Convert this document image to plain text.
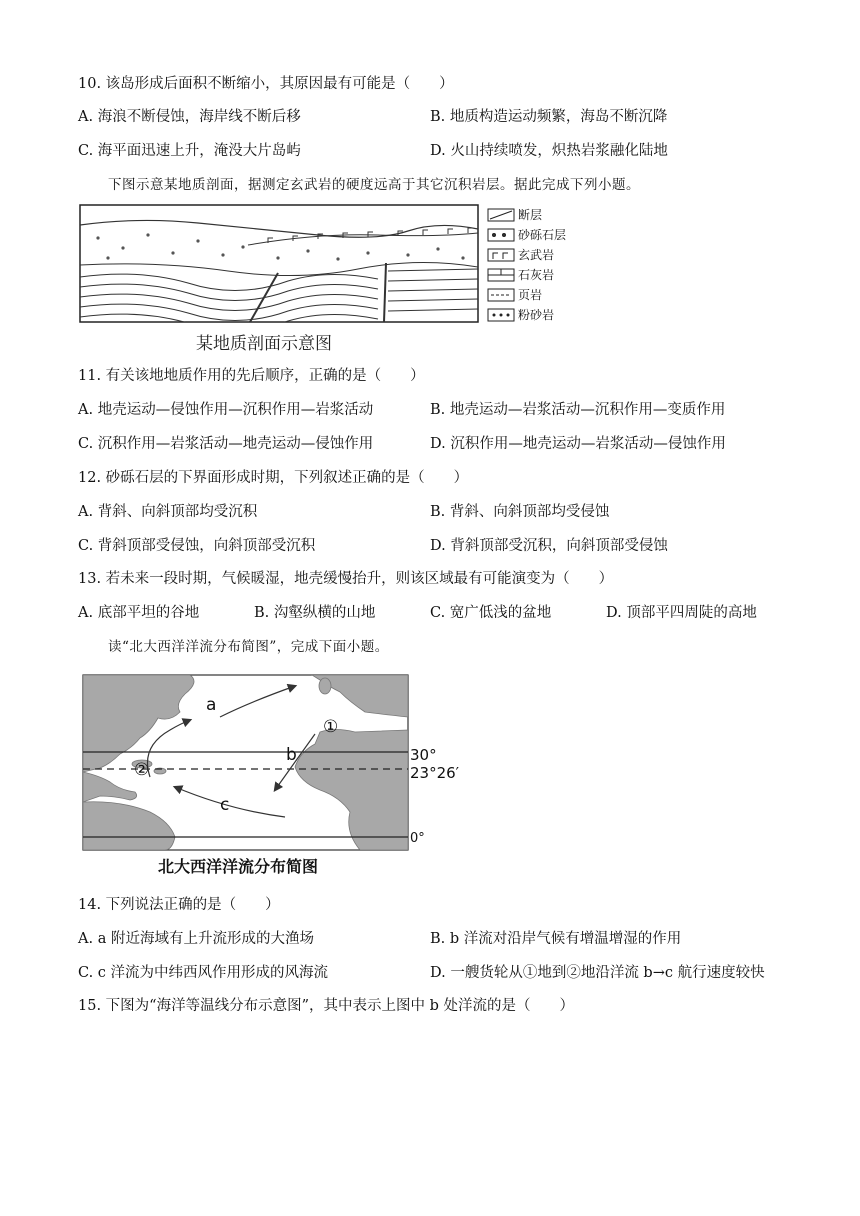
10. 该岛形成后面积不断缩小，其原因最有可能是（　　）
A. 海浪不断侵蚀，海岸线不断后移	B. 地质构造运动频繁，海岛不断沉降
C. 海平面迅速上升，淹没大片岛屿	D. 火山持续喷发，炽热岩浆融化陆地
下图示意某地质剖面，据测定玄武岩的硬度远高于其它沉积岩层。据此完成下列小题。
断层
砂砾石层
玄武岩
石灰岩
页岩
粉砂岩
某地质剖面示意图
11. 有关该地地质作用的先后顺序，正确的是（　　）
A. 地壳运动—侵蚀作用—沉积作用—岩浆活动	B. 地壳运动—岩浆活动—沉积作用—变质作用
C. 沉积作用—岩浆活动—地壳运动—侵蚀作用	D. 沉积作用—地壳运动—岩浆活动—侵蚀作用
12. 砂砾石层的下界面形成时期，下列叙述正确的是（　　）
A. 背斜、向斜顶部均受沉积	B. 背斜、向斜顶部均受侵蚀
C. 背斜顶部受侵蚀，向斜顶部受沉积	D. 背斜顶部受沉积，向斜顶部受侵蚀
13. 若未来一段时期，气候暖湿，地壳缓慢抬升，则该区域最有可能演变为（　　）
A. 底部平坦的谷地	B. 沟壑纵横的山地	C. 宽广低浅的盆地	D. 顶部平四周陡的高地
读“北大西洋洋流分布简图”，完成下面小题。
a
b
c
①
②
30°
23°26′
0°
北大西洋洋流分布简图
14. 下列说法正确的是（　　）
A. a 附近海域有上升流形成的大渔场	B. b 洋流对沿岸气候有增温增湿的作用
C. c 洋流为中纬西风作用形成的风海流	D. 一艘货轮从①地到②地沿洋流 b→c 航行速度较快
15. 下图为“海洋等温线分布示意图”，其中表示上图中 b 处洋流的是（　　）
